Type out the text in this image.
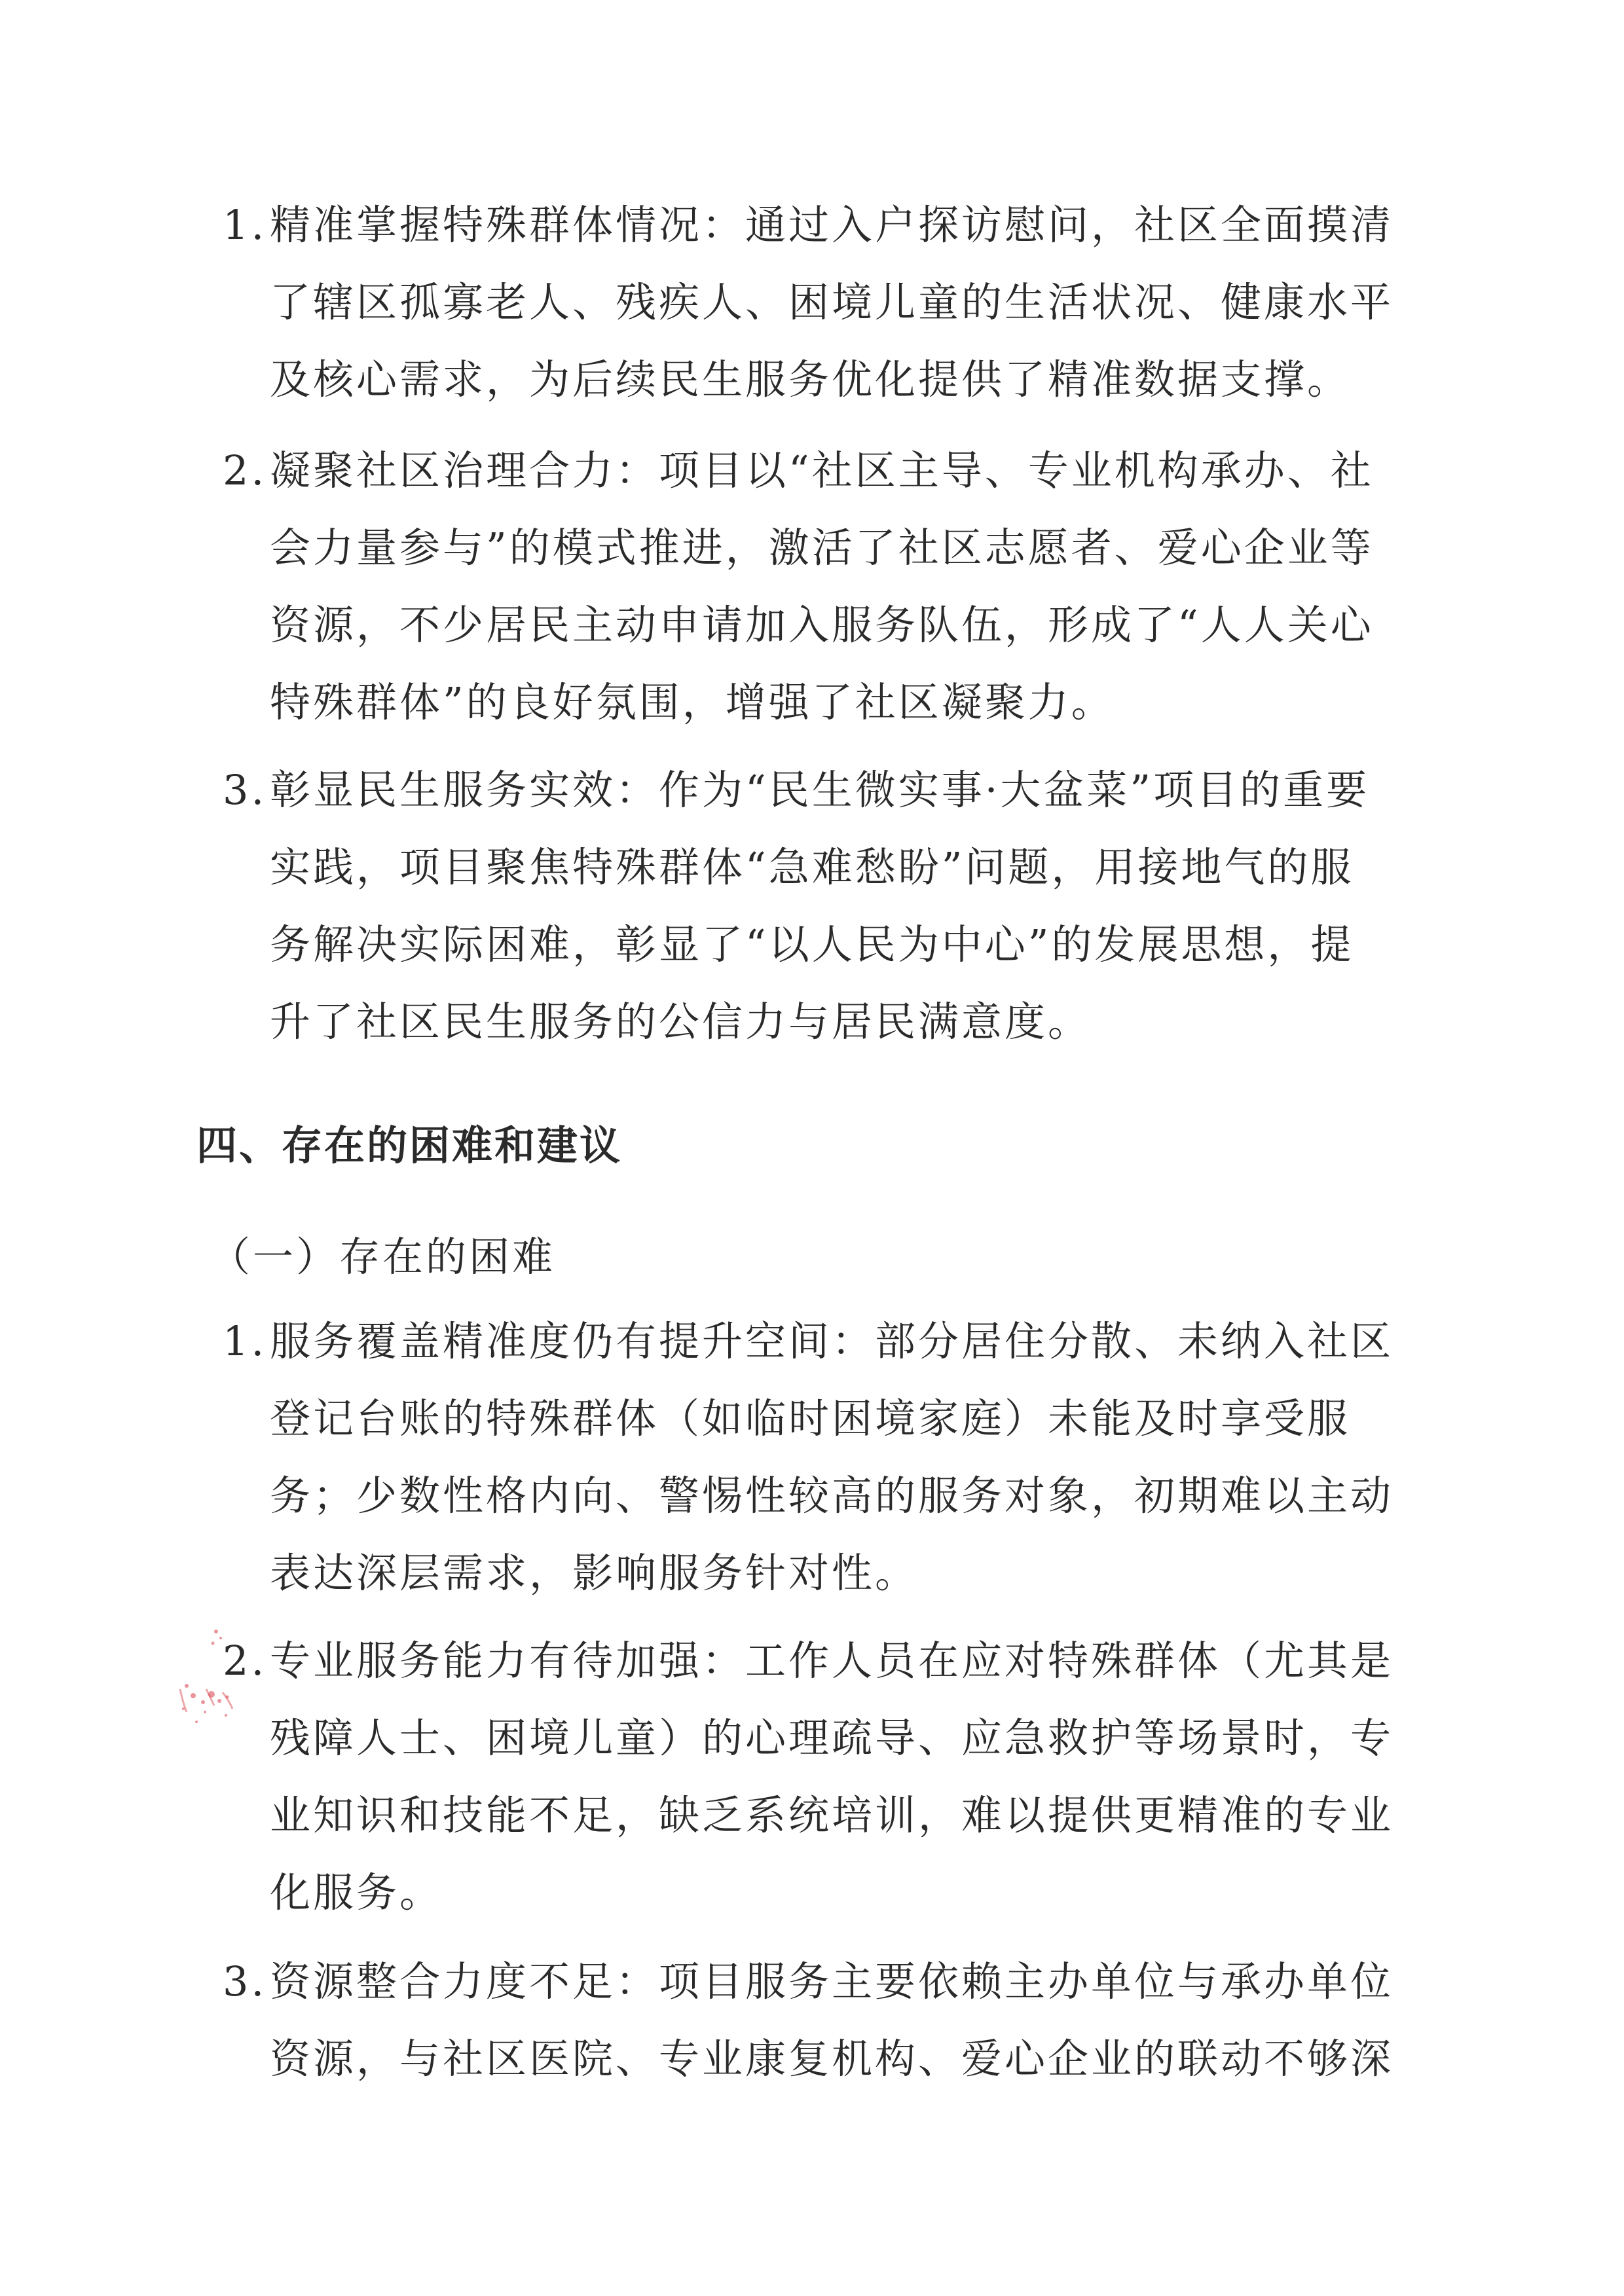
1.精准掌握特殊群体情况：通过入户探访慰问，社区全面摸清
了辖区孤寡老人、残疾人、困境儿童的生活状况、健康水平
及核心需求，为后续民生服务优化提供了精准数据支撑。
2.凝聚社区治理合力：项目以“社区主导、专业机构承办、社
会力量参与”的模式推进，激活了社区志愿者、爱心企业等
资源，不少居民主动申请加入服务队伍，形成了“人人关心
特殊群体”的良好氛围，增强了社区凝聚力。
3.彰显民生服务实效：作为“民生微实事·大盆菜”项目的重要
实践，项目聚焦特殊群体“急难愁盼”问题，用接地气的服
务解决实际困难，彰显了“以人民为中心”的发展思想，提
升了社区民生服务的公信力与居民满意度。
四、存在的困难和建议
（一）存在的困难
1.服务覆盖精准度仍有提升空间：部分居住分散、未纳入社区
登记台账的特殊群体（如临时困境家庭）未能及时享受服
务；少数性格内向、警惕性较高的服务对象，初期难以主动
表达深层需求，影响服务针对性。
2.专业服务能力有待加强：工作人员在应对特殊群体（尤其是
残障人士、困境儿童）的心理疏导、应急救护等场景时，专
业知识和技能不足，缺乏系统培训，难以提供更精准的专业
化服务。
3.资源整合力度不足：项目服务主要依赖主办单位与承办单位
资源，与社区医院、专业康复机构、爱心企业的联动不够深
